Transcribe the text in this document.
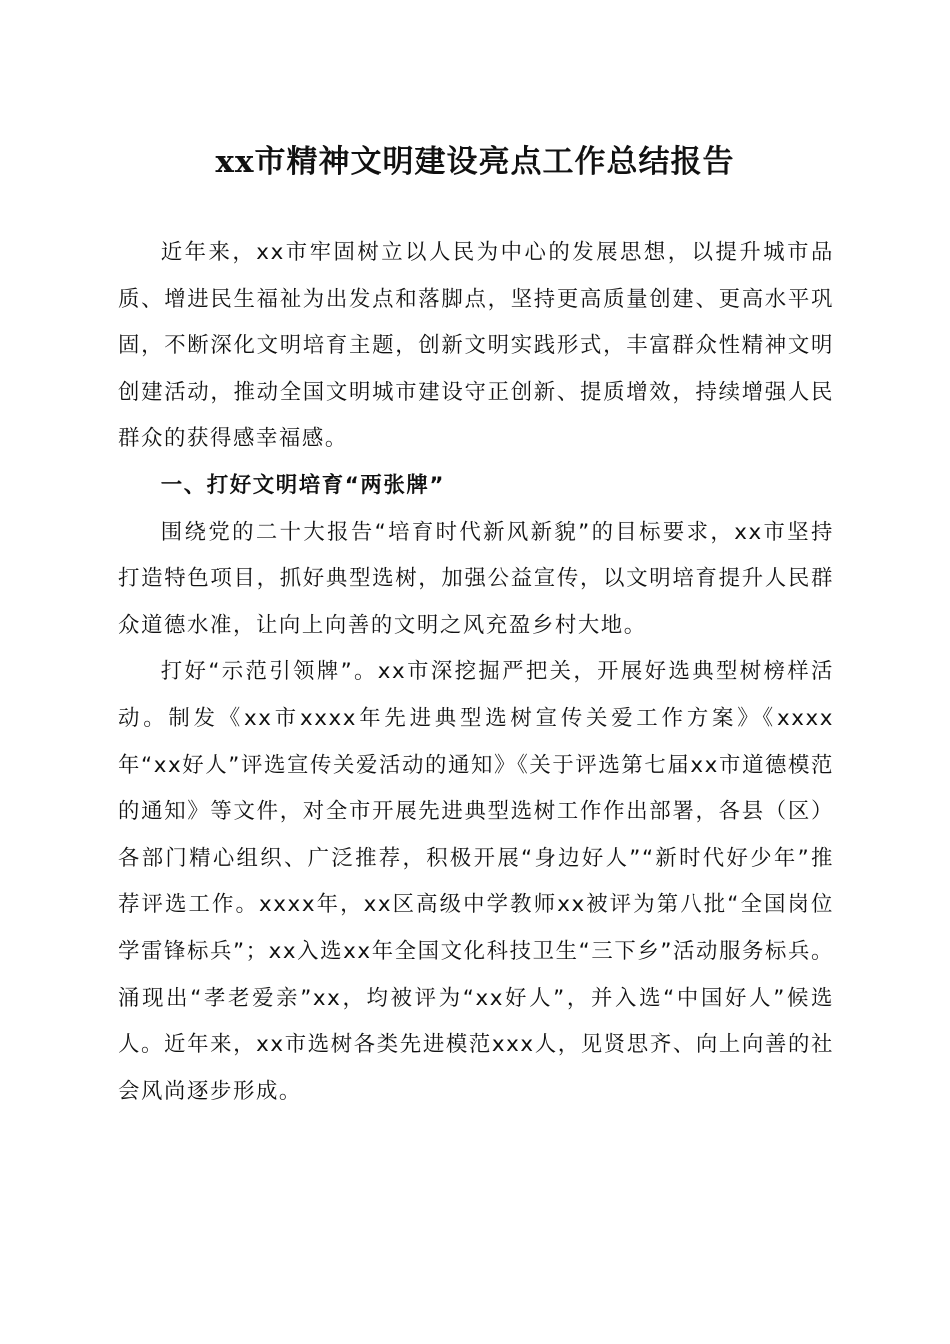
xx市精神文明建设亮点工作总结报告

近年来，xx市牢固树立以人民为中心的发展思想，以提升城市品质、增进民生福祉为出发点和落脚点，坚持更高质量创建、更高水平巩固，不断深化文明培育主题，创新文明实践形式，丰富群众性精神文明创建活动，推动全国文明城市建设守正创新、提质增效，持续增强人民群众的获得感幸福感。

一、打好文明培育“两张牌”

围绕党的二十大报告“培育时代新风新貌”的目标要求，xx市坚持打造特色项目，抓好典型选树，加强公益宣传，以文明培育提升人民群众道德水准，让向上向善的文明之风充盈乡村大地。

打好“示范引领牌”。xx市深挖掘严把关，开展好选典型树榜样活动。制发《xx市xxxx年先进典型选树宣传关爱工作方案》《xxxx年“xx好人”评选宣传关爱活动的通知》《关于评选第七届xx市道德模范的通知》等文件，对全市开展先进典型选树工作作出部署，各县（区）各部门精心组织、广泛推荐，积极开展“身边好人”“新时代好少年”推荐评选工作。xxxx年，xx区高级中学教师xx被评为第八批“全国岗位学雷锋标兵”；xx入选xx年全国文化科技卫生“三下乡”活动服务标兵。涌现出“孝老爱亲”xx，均被评为“xx好人”，并入选“中国好人”候选人。近年来，xx市选树各类先进模范xxx人，见贤思齐、向上向善的社会风尚逐步形成。
